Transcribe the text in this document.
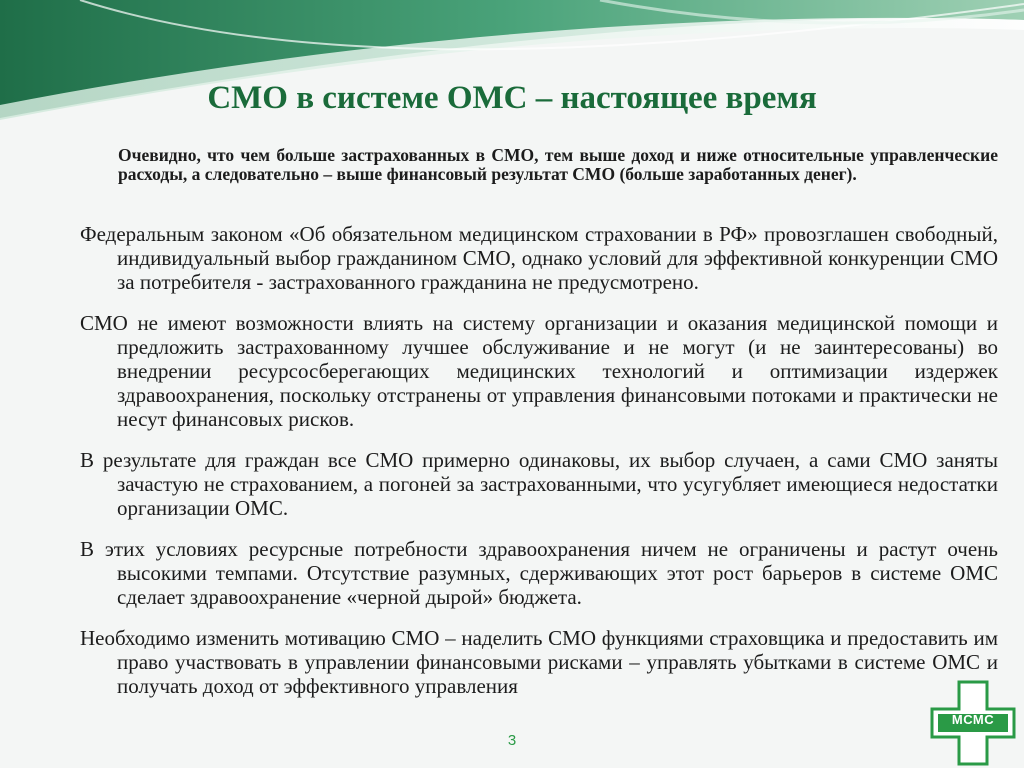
СМО в системе ОМС – настоящее время

Очевидно, что чем больше застрахованных в СМО, тем выше доход и ниже относительные управленческие расходы, а следовательно – выше финансовый результат СМО (больше заработанных денег).

Федеральным законом «Об обязательном медицинском страховании в РФ» провозглашен свободный, индивидуальный выбор гражданином СМО, однако условий для эффективной конкуренции СМО за потребителя - застрахованного гражданина не предусмотрено.

СМО не имеют возможности влиять на систему организации и оказания медицинской помощи и предложить застрахованному лучшее обслуживание и не могут (и не заинтересованы) во внедрении ресурсосберегающих медицинских технологий и оптимизации издержек здравоохранения, поскольку отстранены от управления финансовыми потоками и практически не несут финансовых рисков.

В результате для граждан все СМО примерно одинаковы, их выбор случаен, а сами СМО заняты зачастую не страхованием, а погоней за застрахованными, что усугубляет имеющиеся недостатки организации ОМС.

В этих условиях ресурсные потребности здравоохранения ничем не ограничены и растут очень высокими темпами. Отсутствие разумных, сдерживающих этот рост барьеров в системе ОМС сделает здравоохранение «черной дырой» бюджета.

Необходимо изменить мотивацию СМО – наделить СМО функциями страховщика и предоставить им право участвовать в управлении финансовыми рисками – управлять убытками в системе ОМС и получать доход от эффективного управления

3
МСМС
